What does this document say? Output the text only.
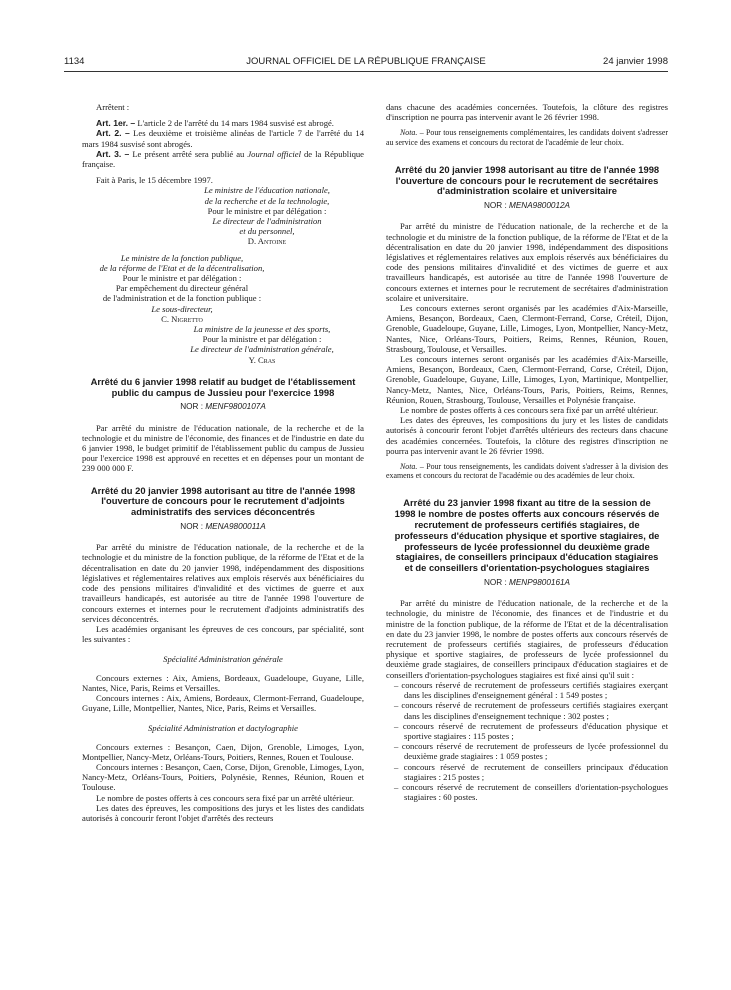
1134	JOURNAL OFFICIEL DE LA RÉPUBLIQUE FRANÇAISE	24 janvier 1998

Arrêtent :

Art. 1er. – L'article 2 de l'arrêté du 14 mars 1984 susvisé est abrogé.

Art. 2. – Les deuxième et troisième alinéas de l'article 7 de l'arrêté du 14 mars 1984 susvisé sont abrogés.

Art. 3. – Le présent arrêté sera publié au Journal officiel de la République française.

Fait à Paris, le 15 décembre 1997.

Le ministre de l'éducation nationale,

de la recherche et de la technologie,

Pour le ministre et par délégation :

Le directeur de l'administration

et du personnel,

D. Antoine

Le ministre de la fonction publique,

de la réforme de l'Etat et de la décentralisation,

Pour le ministre et par délégation :

Par empêchement du directeur général

de l'administration et de la fonction publique :

Le sous-directeur,

C. Nigretto

La ministre de la jeunesse et des sports,

Pour la ministre et par délégation :

Le directeur de l'administration générale,

Y. Cras

Arrêté du 6 janvier 1998 relatif au budget de l'établissement public du campus de Jussieu pour l'exercice 1998

NOR : MENF9800107A

Par arrêté du ministre de l'éducation nationale, de la recherche et de la technologie et du ministre de l'économie, des finances et de l'industrie en date du 6 janvier 1998, le budget primitif de l'établissement public du campus de Jussieu pour l'exercice 1998 est approuvé en recettes et en dépenses pour un montant de 239 000 000 F.

Arrêté du 20 janvier 1998 autorisant au titre de l'année 1998 l'ouverture de concours pour le recrutement d'adjoints administratifs des services déconcentrés

NOR : MENA9800011A

Par arrêté du ministre de l'éducation nationale, de la recherche et de la technologie et du ministre de la fonction publique, de la réforme de l'Etat et de la décentralisation en date du 20 janvier 1998, indépendamment des dispositions législatives et réglementaires relatives aux emplois réservés aux bénéficiaires du code des pensions militaires d'invalidité et des victimes de guerre et aux travailleurs handicapés, est autorisée au titre de l'année 1998 l'ouverture de concours externes et internes pour le recrutement d'adjoints administratifs des services déconcentrés.

Les académies organisant les épreuves de ces concours, par spécialité, sont les suivantes :

Spécialité Administration générale

Concours externes : Aix, Amiens, Bordeaux, Guadeloupe, Guyane, Lille, Nantes, Nice, Paris, Reims et Versailles.

Concours internes : Aix, Amiens, Bordeaux, Clermont-Ferrand, Guadeloupe, Guyane, Lille, Montpellier, Nantes, Nice, Paris, Reims et Versailles.

Spécialité Administration et dactylographie

Concours externes : Besançon, Caen, Dijon, Grenoble, Limoges, Lyon, Montpellier, Nancy-Metz, Orléans-Tours, Poitiers, Rennes, Rouen et Toulouse.

Concours internes : Besançon, Caen, Corse, Dijon, Grenoble, Limoges, Lyon, Nancy-Metz, Orléans-Tours, Poitiers, Polynésie, Rennes, Réunion, Rouen et Toulouse.

Le nombre de postes offerts à ces concours sera fixé par un arrêté ultérieur.

Les dates des épreuves, les compositions des jurys et les listes des candidats autorisés à concourir feront l'objet d'arrêtés des recteurs

dans chacune des académies concernées. Toutefois, la clôture des registres d'inscription ne pourra pas intervenir avant le 26 février 1998.

Nota. – Pour tous renseignements complémentaires, les candidats doivent s'adresser au service des examens et concours du rectorat de l'académie de leur choix.

Arrêté du 20 janvier 1998 autorisant au titre de l'année 1998 l'ouverture de concours pour le recrutement de secrétaires d'administration scolaire et universitaire

NOR : MENA9800012A

Par arrêté du ministre de l'éducation nationale, de la recherche et de la technologie et du ministre de la fonction publique, de la réforme de l'Etat et de la décentralisation en date du 20 janvier 1998, indépendamment des dispositions législatives et réglementaires relatives aux emplois réservés aux bénéficiaires du code des pensions militaires d'invalidité et des victimes de guerre et aux travailleurs handicapés, est autorisée au titre de l'année 1998 l'ouverture de concours externes et internes pour le recrutement de secrétaires d'administration scolaire et universitaire.

Les concours externes seront organisés par les académies d'Aix-Marseille, Amiens, Besançon, Bordeaux, Caen, Clermont-Ferrand, Corse, Créteil, Dijon, Grenoble, Guadeloupe, Guyane, Lille, Limoges, Lyon, Montpellier, Nancy-Metz, Nantes, Nice, Orléans-Tours, Poitiers, Reims, Rennes, Réunion, Rouen, Strasbourg, Toulouse, et Versailles.

Les concours internes seront organisés par les académies d'Aix-Marseille, Amiens, Besançon, Bordeaux, Caen, Clermont-Ferrand, Corse, Créteil, Dijon, Grenoble, Guadeloupe, Guyane, Lille, Limoges, Lyon, Martinique, Montpellier, Nancy-Metz, Nantes, Nice, Orléans-Tours, Paris, Poitiers, Reims, Rennes, Réunion, Rouen, Strasbourg, Toulouse, Versailles et Polynésie française.

Le nombre de postes offerts à ces concours sera fixé par un arrêté ultérieur.

Les dates des épreuves, les compositions du jury et les listes de candidats autorisés à concourir feront l'objet d'arrêtés ultérieurs des recteurs dans chacune des académies concernées. Toutefois, la clôture des registres d'inscription ne pourra pas intervenir avant le 26 février 1998.

Nota. – Pour tous renseignements, les candidats doivent s'adresser à la division des examens et concours du rectorat de l'académie ou des académies de leur choix.

Arrêté du 23 janvier 1998 fixant au titre de la session de 1998 le nombre de postes offerts aux concours réservés de recrutement de professeurs certifiés stagiaires, de professeurs d'éducation physique et sportive stagiaires, de professeurs de lycée professionnel du deuxième grade stagiaires, de conseillers principaux d'éducation stagiaires et de conseillers d'orientation-psychologues stagiaires

NOR : MENP9800161A

Par arrêté du ministre de l'éducation nationale, de la recherche et de la technologie, du ministre de l'économie, des finances et de l'industrie et du ministre de la fonction publique, de la réforme de l'Etat et de la décentralisation en date du 23 janvier 1998, le nombre de postes offerts aux concours réservés de recrutement de professeurs certifiés stagiaires, de professeurs d'éducation physique et sportive stagiaires, de professeurs de lycée professionnel du deuxième grade stagiaires, de conseillers principaux d'éducation stagiaires et de conseillers d'orientation-psychologues stagiaires est fixé ainsi qu'il suit :

– concours réservé de recrutement de professeurs certifiés stagiaires exerçant dans les disciplines d'enseignement général : 1 549 postes ;

– concours réservé de recrutement de professeurs certifiés stagiaires exerçant dans les disciplines d'enseignement technique : 302 postes ;

– concours réservé de recrutement de professeurs d'éducation physique et sportive stagiaires : 115 postes ;

– concours réservé de recrutement de professeurs de lycée professionnel du deuxième grade stagiaires : 1 059 postes ;

– concours réservé de recrutement de conseillers principaux d'éducation stagiaires : 215 postes ;

– concours réservé de recrutement de conseillers d'orientation-psychologues stagiaires : 60 postes.
